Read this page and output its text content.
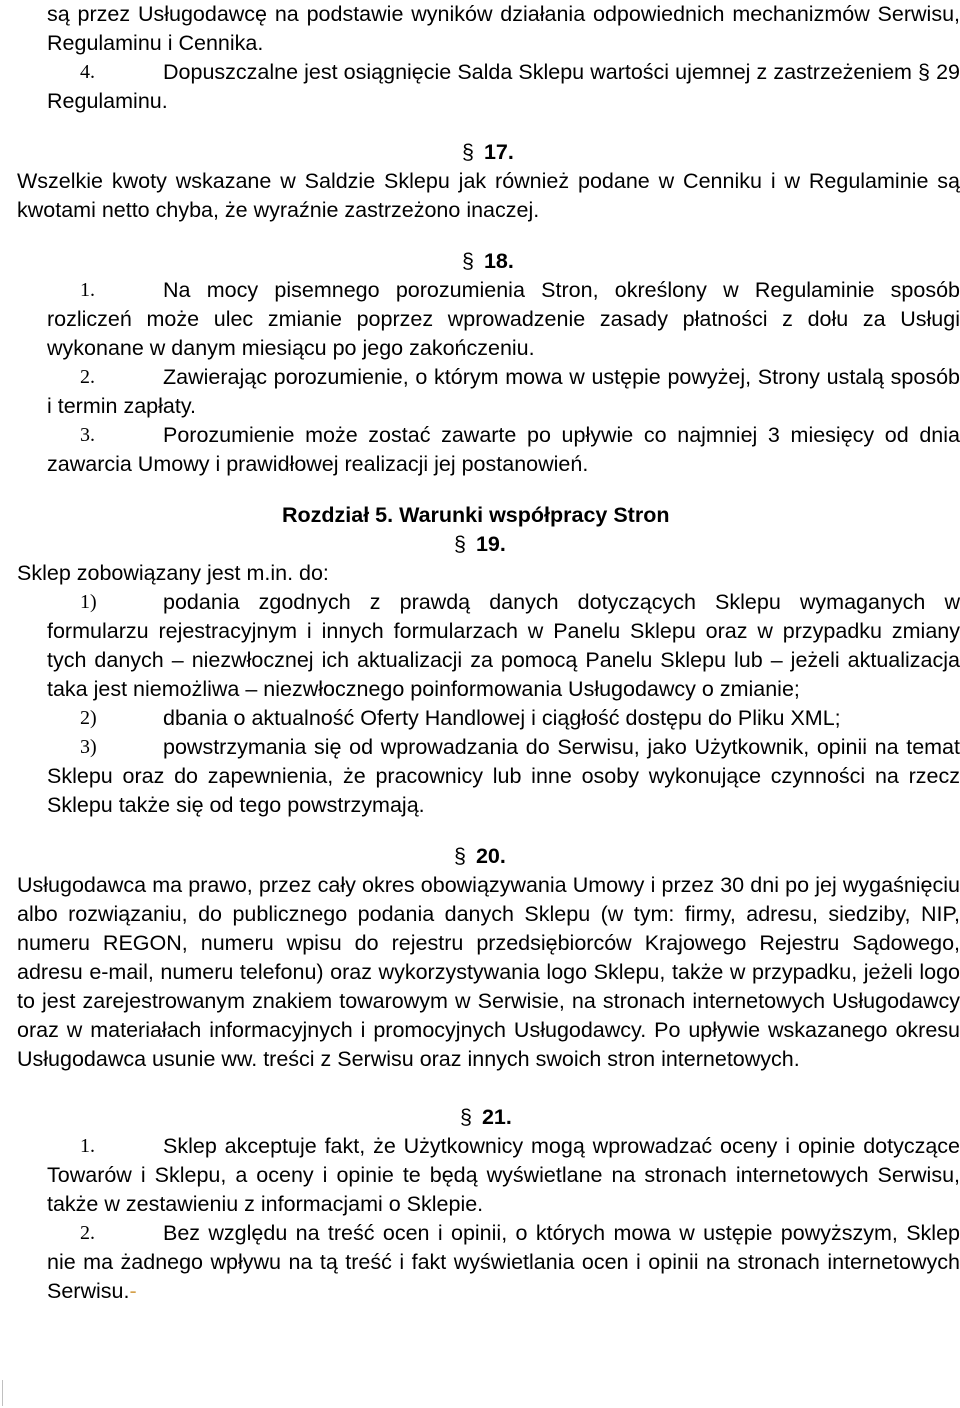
są przez Usługodawcę na podstawie wyników działania odpowiednich mechanizmów Serwisu, Regulaminu i Cennika.

4.	Dopuszczalne jest osiągnięcie Salda Sklepu wartości ujemnej z zastrzeżeniem § 29 Regulaminu.

§ 17.

Wszelkie kwoty wskazane w Saldzie Sklepu jak również podane w Cenniku i w Regulaminie są kwotami netto chyba, że wyraźnie zastrzeżono inaczej.

§ 18.

1.	Na mocy pisemnego porozumienia Stron, określony w Regulaminie sposób rozliczeń może ulec zmianie poprzez wprowadzenie zasady płatności z dołu za Usługi wykonane w danym miesiącu po jego zakończeniu.

2.	Zawierając porozumienie, o którym mowa w ustępie powyżej, Strony ustalą sposób i termin zapłaty.

3.	Porozumienie może zostać zawarte po upływie co najmniej 3 miesięcy od dnia zawarcia Umowy i prawidłowej realizacji jej postanowień.

Rozdział 5. Warunki współpracy Stron

§ 19.

Sklep zobowiązany jest m.in. do:

1)	podania zgodnych z prawdą danych dotyczących Sklepu wymaganych w formularzu rejestracyjnym i innych formularzach w Panelu Sklepu oraz w przypadku zmiany tych danych – niezwłocznej ich aktualizacji za pomocą Panelu Sklepu lub – jeżeli aktualizacja taka jest niemożliwa – niezwłocznego poinformowania Usługodawcy o zmianie;

2)	dbania o aktualność Oferty Handlowej i ciągłość dostępu do Pliku XML;

3)	powstrzymania się od wprowadzania do Serwisu, jako Użytkownik, opinii na temat Sklepu oraz do zapewnienia, że pracownicy lub inne osoby wykonujące czynności na rzecz Sklepu także się od tego powstrzymają.

§ 20.

Usługodawca ma prawo, przez cały okres obowiązywania Umowy i przez 30 dni po jej wygaśnięciu albo rozwiązaniu, do publicznego podania danych Sklepu (w tym: firmy, adresu, siedziby, NIP, numeru REGON, numeru wpisu do rejestru przedsiębiorców Krajowego Rejestru Sądowego, adresu e-mail, numeru telefonu) oraz wykorzystywania logo Sklepu, także w przypadku, jeżeli logo to jest zarejestrowanym znakiem towarowym w Serwisie, na stronach internetowych Usługodawcy oraz w materiałach informacyjnych i promocyjnych Usługodawcy. Po upływie wskazanego okresu Usługodawca usunie ww. treści z Serwisu oraz innych swoich stron internetowych.

§ 21.

1.	Sklep akceptuje fakt, że Użytkownicy mogą wprowadzać oceny i opinie dotyczące Towarów i Sklepu, a oceny i opinie te będą wyświetlane na stronach internetowych Serwisu, także w zestawieniu z informacjami o Sklepie.

2.	Bez względu na treść ocen i opinii, o których mowa w ustępie powyższym, Sklep nie ma żadnego wpływu na tą treść i fakt wyświetlania ocen i opinii na stronach internetowych Serwisu.-
